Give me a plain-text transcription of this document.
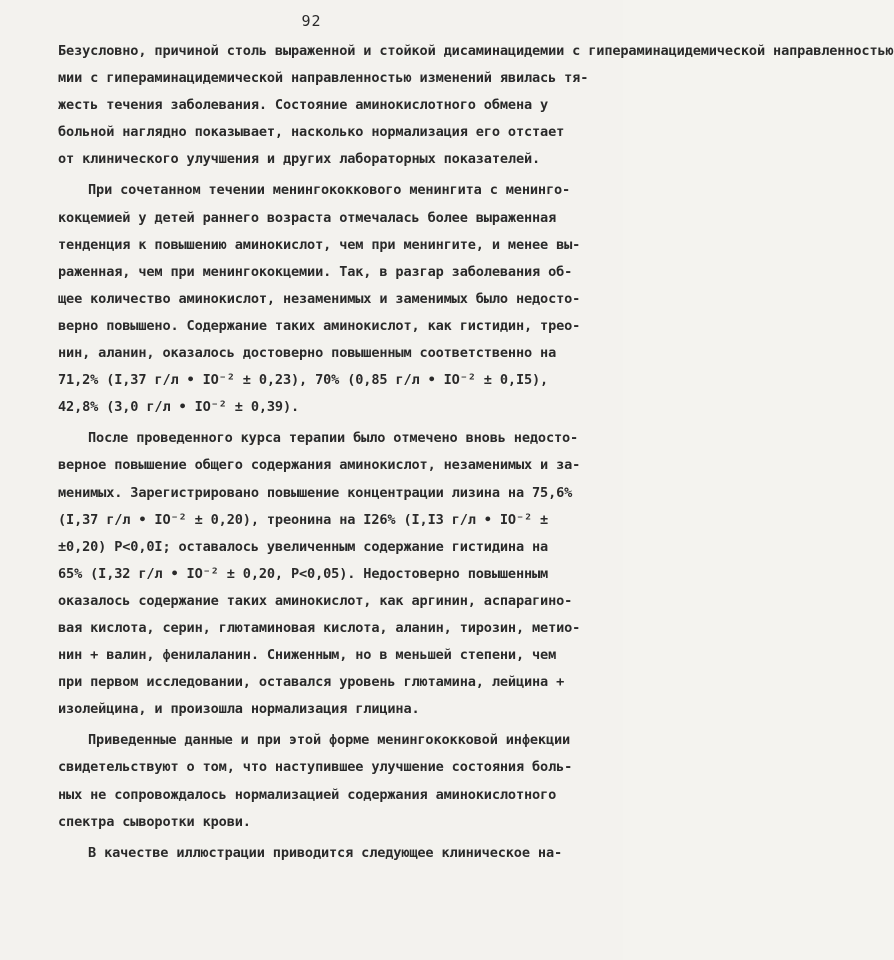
92
Безусловно, причиной столь выраженной и стойкой дисаминацидемии с гипераминацидемической направленностью
мии с гипераминацидемической направленностью изменений явилась тя-
жесть течения заболевания. Состояние аминокислотного обмена у
больной наглядно показывает, насколько нормализация его отстает
от клинического улучшения и других лабораторных показателей.
При сочетанном течении менингококкового менингита с менинго-
кокцемией у детей раннего возраста отмечалась более выраженная
тенденция к повышению аминокислот, чем при менингите, и менее вы-
раженная, чем при менингококцемии. Так, в разгар заболевания об-
щее количество аминокислот, незаменимых и заменимых было недосто-
верно повышено. Содержание таких аминокислот, как гистидин, трео-
нин, аланин, оказалось достоверно повышенным соответственно на
71,2% (I,37 г/л • IO⁻² ± 0,23), 70% (0,85 г/л • IO⁻² ± 0,I5),
42,8% (3,0 г/л • IO⁻² ± 0,39).
После проведенного курса терапии было отмечено вновь недосто-
верное повышение общего содержания аминокислот, незаменимых и за-
менимых. Зарегистрировано повышение концентрации лизина на 75,6%
(I,37 г/л • IO⁻² ± 0,20), треонина на I26% (I,I3 г/л • IO⁻² ±
±0,20) Р<0,0I; оставалось увеличенным содержание гистидина на
65% (I,32 г/л • IO⁻² ± 0,20, Р<0,05). Недостоверно повышенным
оказалось содержание таких аминокислот, как аргинин, аспарагино-
вая кислота, серин, глютаминовая кислота, аланин, тирозин, метио-
нин + валин, фенилаланин. Сниженным, но в меньшей степени, чем
при первом исследовании, оставался уровень глютамина, лейцина +
изолейцина, и произошла нормализация глицина.
Приведенные данные и при этой форме менингококковой инфекции
свидетельствуют о том, что наступившее улучшение состояния боль-
ных не сопровождалось нормализацией содержания аминокислотного
спектра сыворотки крови.
В качестве иллюстрации приводится следующее клиническое на-
